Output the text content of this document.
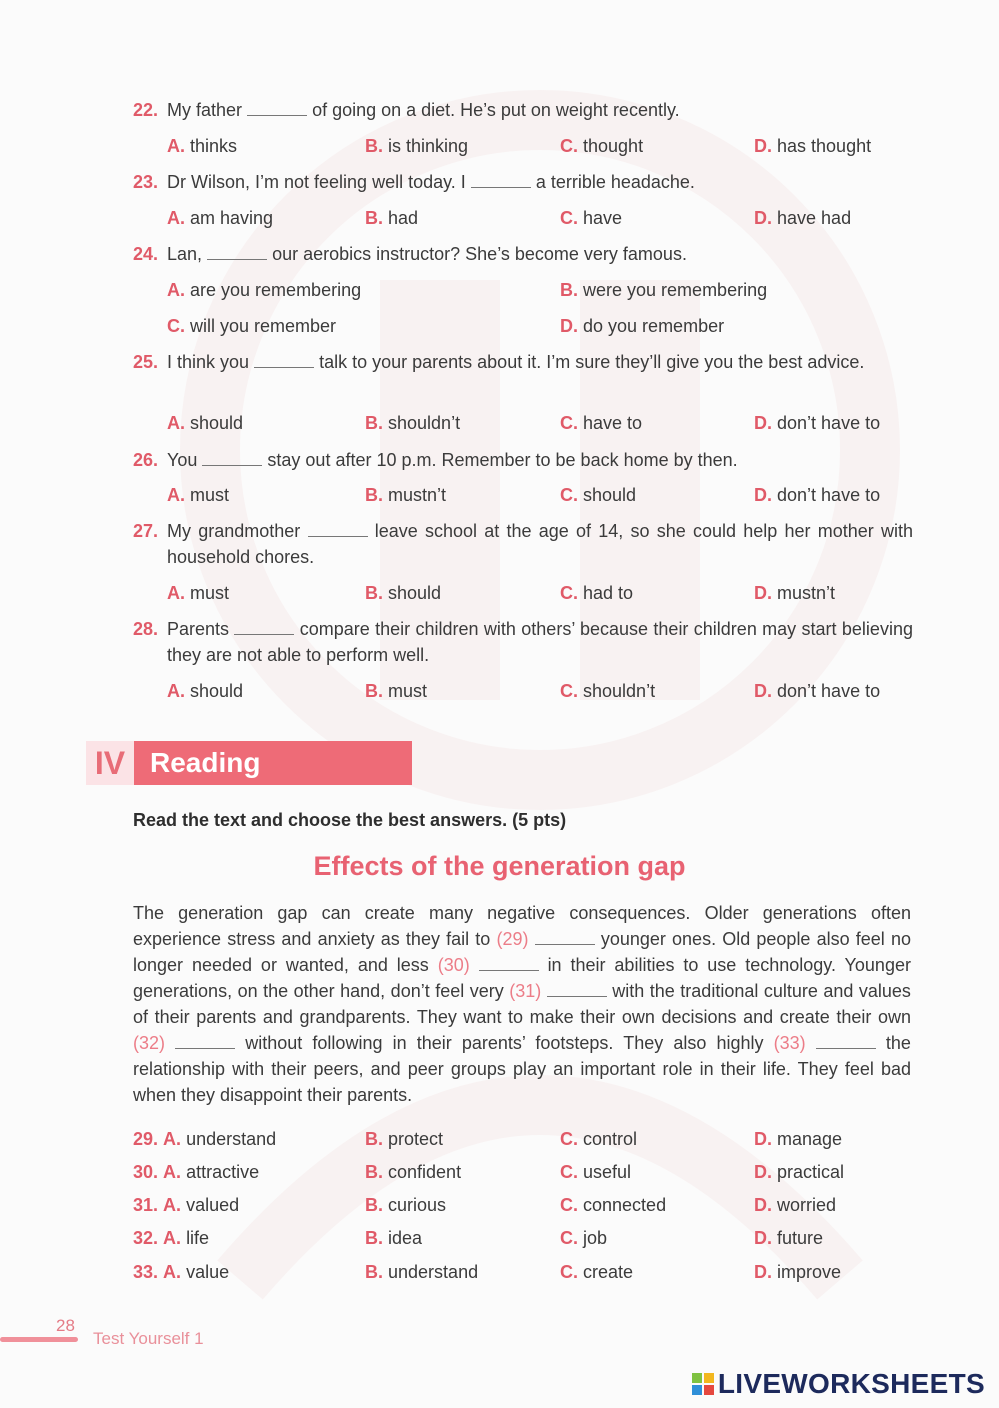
22. My father	of going on a diet. He’s put on weight recently.
A. thinks	B. is thinking	C. thought	D. has thought
23. Dr Wilson, I’m not feeling well today. I	a terrible headache.
A. am having	B. had	C. have	D. have had
24. Lan,	our aerobics instructor? She’s become very famous.
A. are you remembering	B. were you remembering
C. will you remember	D. do you remember
25. I think you	talk to your parents about it. I’m sure they’ll give you the best advice.
A. should	B. shouldn’t	C. have to	D. don’t have to
26. You	stay out after 10 p.m. Remember to be back home by then.
A. must	B. mustn’t	C. should	D. don’t have to
27. My grandmother	leave school at the age of 14, so she could help her mother with household chores.
A. must	B. should	C. had to	D. mustn’t
28. Parents	compare their children with others’ because their children may start believing they are not able to perform well.
A. should	B. must	C. shouldn’t	D. don’t have to
IV Reading
Read the text and choose the best answers. (5 pts)
Effects of the generation gap
The generation gap can create many negative consequences. Older generations often experience stress and anxiety as they fail to (29)	younger ones. Old people also feel no longer needed or wanted, and less (30)	in their abilities to use technology. Younger generations, on the other hand, don’t feel very (31)	with the traditional culture and values of their parents and grandparents. They want to make their own decisions and create their own (32)	without following in their parents’ footsteps. They also highly (33)	the relationship with their peers, and peer groups play an important role in their life. They feel bad when they disappoint their parents.
29. A. understand	B. protect	C. control	D. manage
30. A. attractive	B. confident	C. useful	D. practical
31. A. valued	B. curious	C. connected	D. worried
32. A. life	B. idea	C. job	D. future
33. A. value	B. understand	C. create	D. improve
28
Test Yourself 1
LIVEWORKSHEETS
